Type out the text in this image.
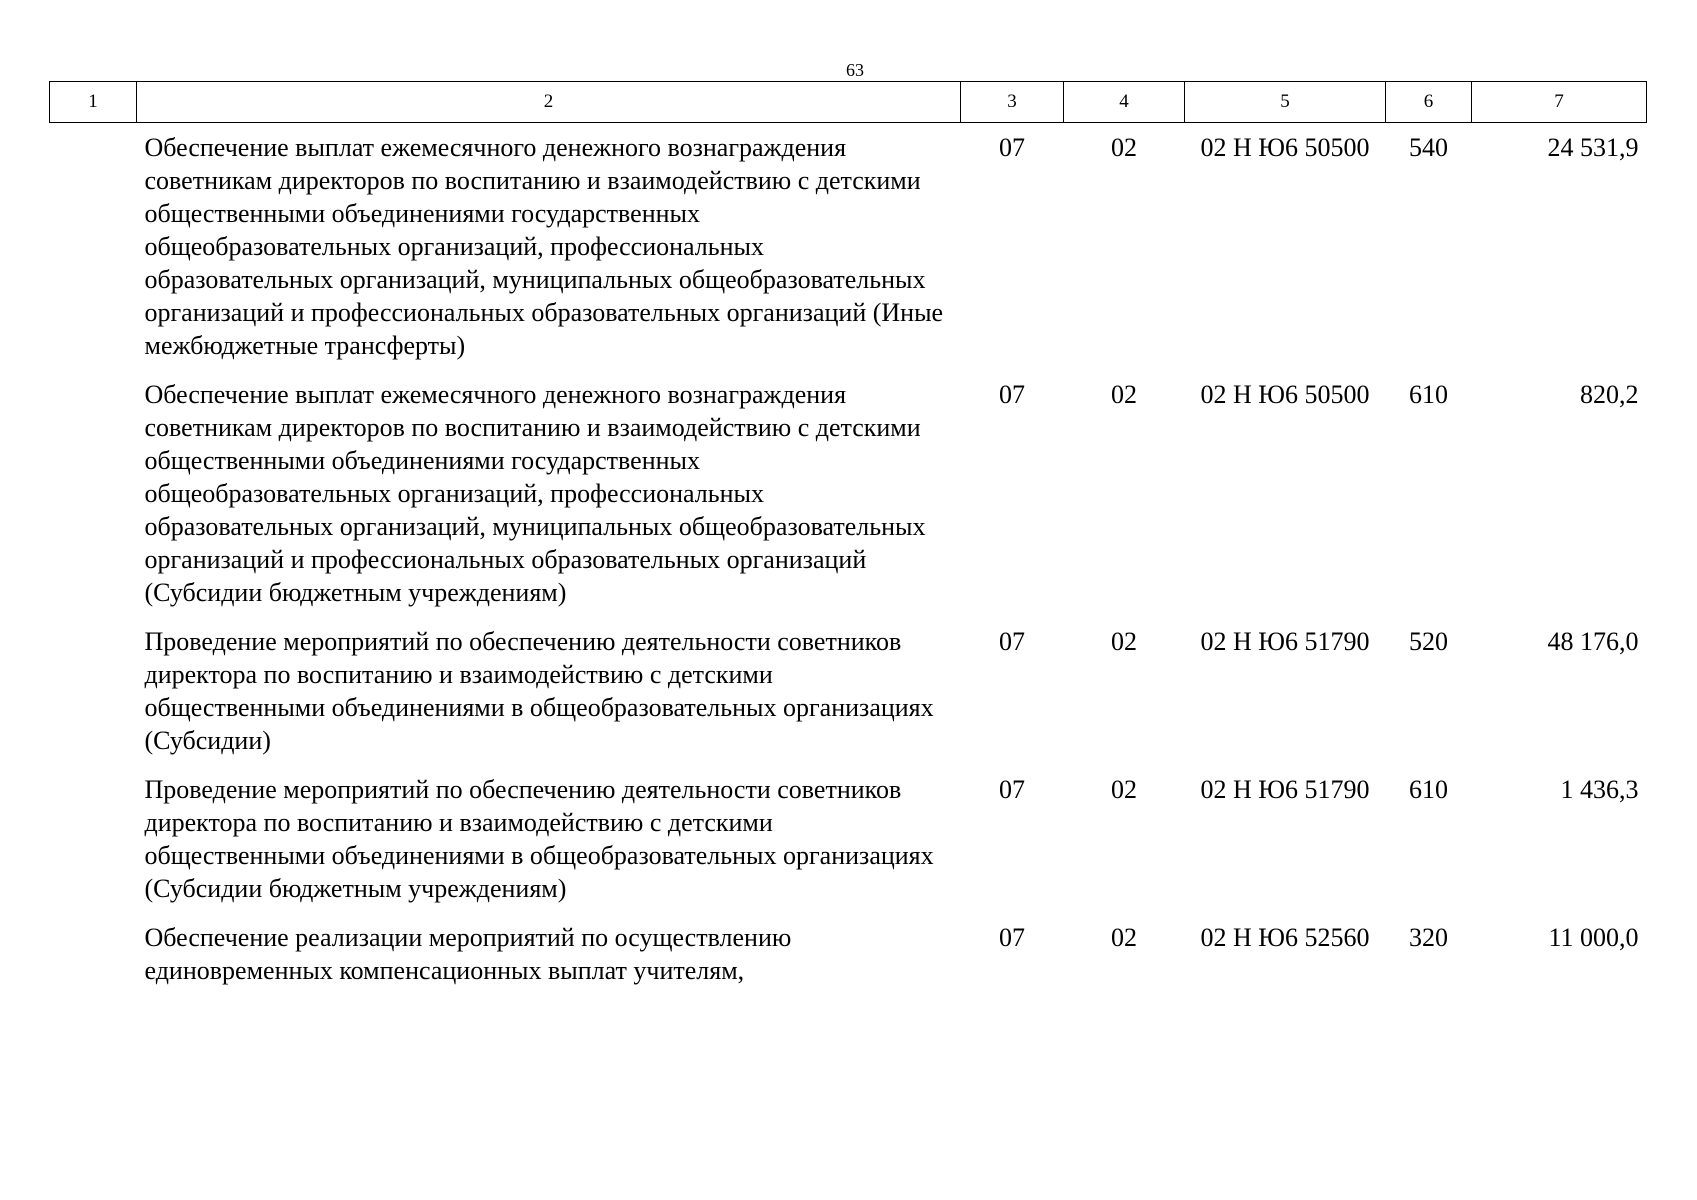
63
1	2	3	4	5	6	7
	Обеспечение выплат ежемесячного денежного вознаграждения советникам директоров по воспитанию и взаимодействию с детскими общественными объединениями государственных общеобразовательных организаций, профессиональных образовательных организаций, муниципальных общеобразовательных организаций и профессиональных образовательных организаций (Иные межбюджетные трансферты)	07	02	02 Н Ю6 50500	540	24 531,9
	Обеспечение выплат ежемесячного денежного вознаграждения советникам директоров по воспитанию и взаимодействию с детскими общественными объединениями государственных общеобразовательных организаций, профессиональных образовательных организаций, муниципальных общеобразовательных организаций и профессиональных образовательных организаций (Субсидии бюджетным учреждениям)	07	02	02 Н Ю6 50500	610	820,2
	Проведение мероприятий по обеспечению деятельности советников директора по воспитанию и взаимодействию с детскими общественными объединениями в общеобразовательных организациях (Субсидии)	07	02	02 Н Ю6 51790	520	48 176,0
	Проведение мероприятий по обеспечению деятельности советников директора по воспитанию и взаимодействию с детскими общественными объединениями в общеобразовательных организациях (Субсидии бюджетным учреждениям)	07	02	02 Н Ю6 51790	610	1 436,3
	Обеспечение реализации мероприятий по осуществлению единовременных компенсационных выплат учителям,	07	02	02 Н Ю6 52560	320	11 000,0
